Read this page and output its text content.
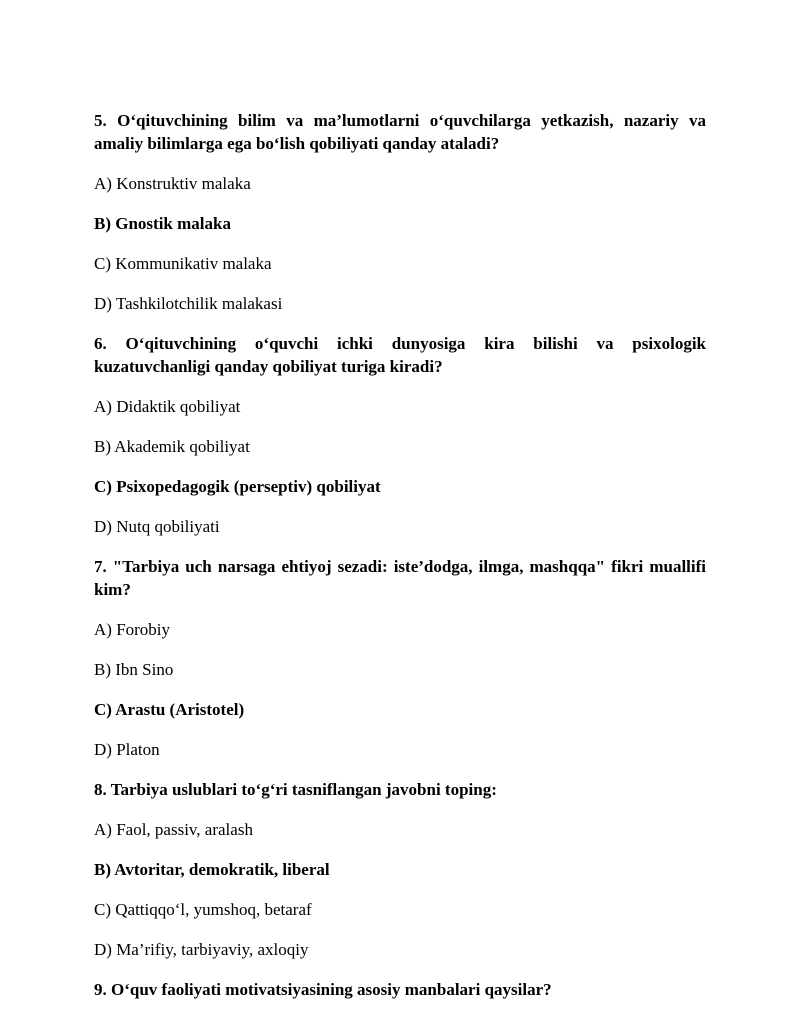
5. O‘qituvchining bilim va ma’lumotlarni o‘quvchilarga yetkazish, nazariy va amaliy bilimlarga ega bo‘lish qobiliyati qanday ataladi?

A) Konstruktiv malaka

B) Gnostik malaka

C) Kommunikativ malaka

D) Tashkilotchilik malakasi

6. O‘qituvchining o‘quvchi ichki dunyosiga kira bilishi va psixologik kuzatuvchanligi qanday qobiliyat turiga kiradi?

A) Didaktik qobiliyat

B) Akademik qobiliyat

C) Psixopedagogik (perseptiv) qobiliyat

D) Nutq qobiliyati

7. "Tarbiya uch narsaga ehtiyoj sezadi: iste’dodga, ilmga, mashqqa" fikri muallifi kim?

A) Forobiy

B) Ibn Sino

C) Arastu (Aristotel)

D) Platon

8. Tarbiya uslublari to‘g‘ri tasniflangan javobni toping:

A) Faol, passiv, aralash

B) Avtoritar, demokratik, liberal

C) Qattiqqo‘l, yumshoq, betaraf

D) Ma’rifiy, tarbiyaviy, axloqiy

9. O‘quv faoliyati motivatsiyasining asosiy manbalari qaysilar?
